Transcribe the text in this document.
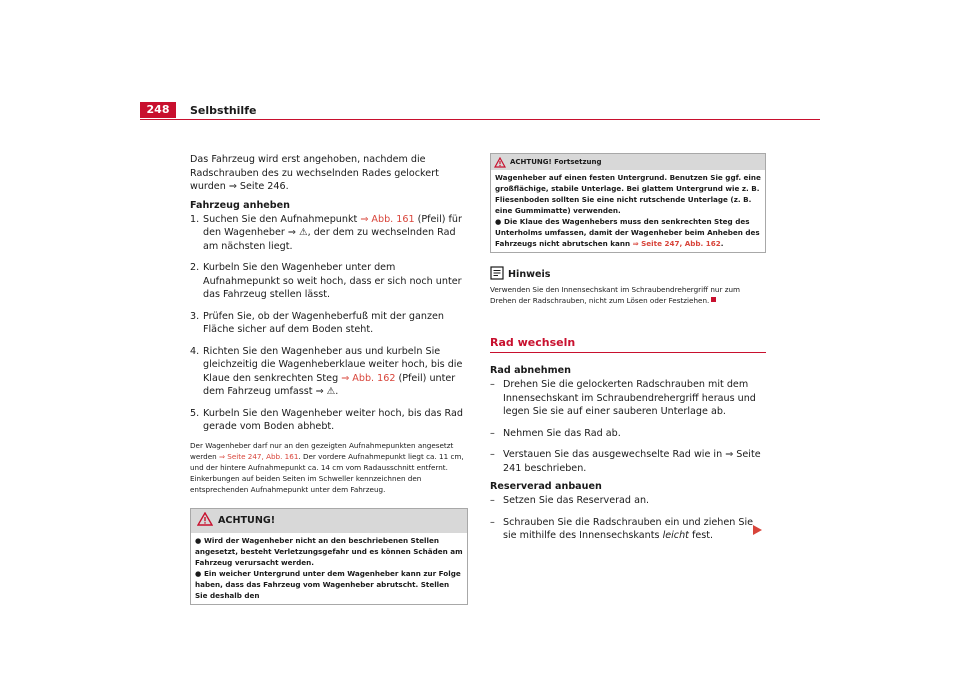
248	Selbsthilfe

Das Fahrzeug wird erst angehoben, nachdem die Radschrauben des zu wechselnden Rades gelockert wurden ⇒ Seite 246.

Fahrzeug anheben

1. Suchen Sie den Aufnahmepunkt ⇒ Abb. 161 (Pfeil) für den Wagenheber ⇒ ⚠, der dem zu wechselnden Rad am nächsten liegt.
2. Kurbeln Sie den Wagenheber unter dem Aufnahmepunkt so weit hoch, dass er sich noch unter das Fahrzeug stellen lässt.
3. Prüfen Sie, ob der Wagenheberfuß mit der ganzen Fläche sicher auf dem Boden steht.
4. Richten Sie den Wagenheber aus und kurbeln Sie gleichzeitig die Wagenheberklaue weiter hoch, bis die Klaue den senkrechten Steg ⇒ Abb. 162 (Pfeil) unter dem Fahrzeug umfasst ⇒ ⚠.
5. Kurbeln Sie den Wagenheber weiter hoch, bis das Rad gerade vom Boden abhebt.

Der Wagenheber darf nur an den gezeigten Aufnahmepunkten angesetzt werden ⇒ Seite 247, Abb. 161. Der vordere Aufnahmepunkt liegt ca. 11 cm, und der hintere Aufnahmepunkt ca. 14 cm vom Radausschnitt entfernt. Einkerbungen auf beiden Seiten im Schweller kennzeichnen den entsprechenden Aufnahmepunkt unter dem Fahrzeug.

ACHTUNG!
● Wird der Wagenheber nicht an den beschriebenen Stellen angesetzt, besteht Verletzungsgefahr und es können Schäden am Fahrzeug verursacht werden.
● Ein weicher Untergrund unter dem Wagenheber kann zur Folge haben, dass das Fahrzeug vom Wagenheber abrutscht. Stellen Sie deshalb den
ACHTUNG! Fortsetzung
Wagenheber auf einen festen Untergrund. Benutzen Sie ggf. eine großflächige, stabile Unterlage. Bei glattem Untergrund wie z. B. Fliesenboden sollten Sie eine nicht rutschende Unterlage (z. B. eine Gummimatte) verwenden.
● Die Klaue des Wagenhebers muss den senkrechten Steg des Unterholms umfassen, damit der Wagenheber beim Anheben des Fahrzeugs nicht abrutschen kann ⇒ Seite 247, Abb. 162.
Hinweis

Verwenden Sie den Innensechskant im Schraubendrehergriff nur zum Drehen der Radschrauben, nicht zum Lösen oder Festziehen.

Rad wechseln

Rad abnehmen

– Drehen Sie die gelockerten Radschrauben mit dem Innensechskant im Schraubendrehergriff heraus und legen Sie sie auf einer sauberen Unterlage ab.
– Nehmen Sie das Rad ab.
– Verstauen Sie das ausgewechselte Rad wie in ⇒ Seite 241 beschrieben.

Reserverad anbauen

– Setzen Sie das Reserverad an.
– Schrauben Sie die Radschrauben ein und ziehen Sie sie mithilfe des Innensechskants leicht fest.
